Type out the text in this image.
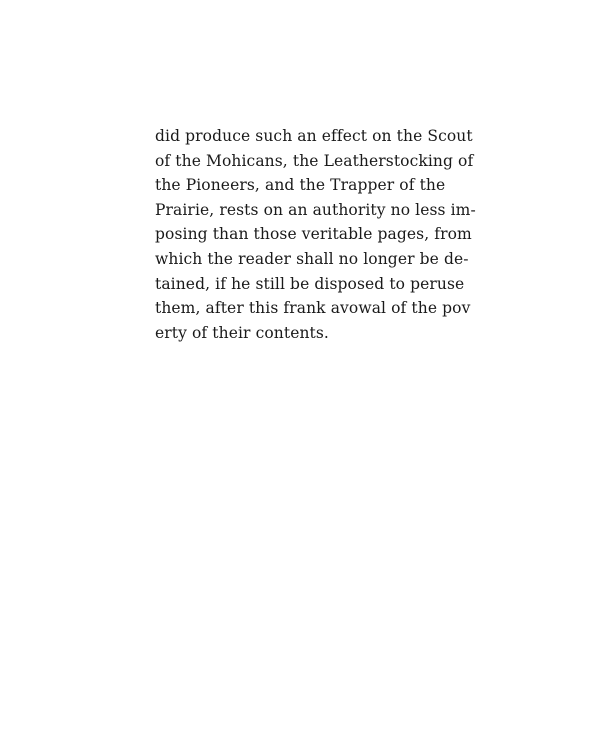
did produce such an effect on the Scout
of the Mohicans, the Leatherstocking of
the Pioneers, and the Trapper of the
Prairie, rests on an authority no less im-
posing than those veritable pages, from
which the reader shall no longer be de-
tained, if he still be disposed to peruse
them, after this frank avowal of the pov
erty of their contents.
